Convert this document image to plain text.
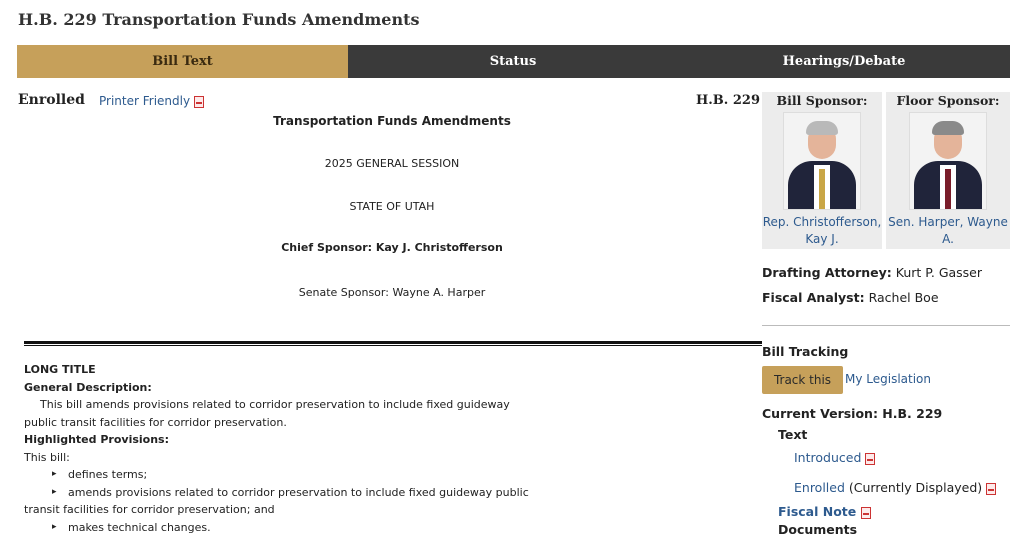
H.B. 229 Transportation Funds Amendments
Bill Text	Status	Hearings/Debate
Enrolled Printer Friendly	H.B. 229
Transportation Funds Amendments
2025 GENERAL SESSION
STATE OF UTAH
Chief Sponsor: Kay J. Christofferson
Senate Sponsor: Wayne A. Harper
LONG TITLE
General Description:
This bill amends provisions related to corridor preservation to include fixed guideway
public transit facilities for corridor preservation.
Highlighted Provisions:
This bill:
▸ defines terms;
▸ amends provisions related to corridor preservation to include fixed guideway public
transit facilities for corridor preservation; and
▸ makes technical changes.
Bill Sponsor:
Rep. Christofferson, Kay J.
Floor Sponsor:
Sen. Harper, Wayne A.
Drafting Attorney: Kurt P. Gasser
Fiscal Analyst: Rachel Boe
Bill Tracking
Track this	My Legislation
Current Version: H.B. 229
Text
Introduced
Enrolled (Currently Displayed)
Fiscal Note
Documents
